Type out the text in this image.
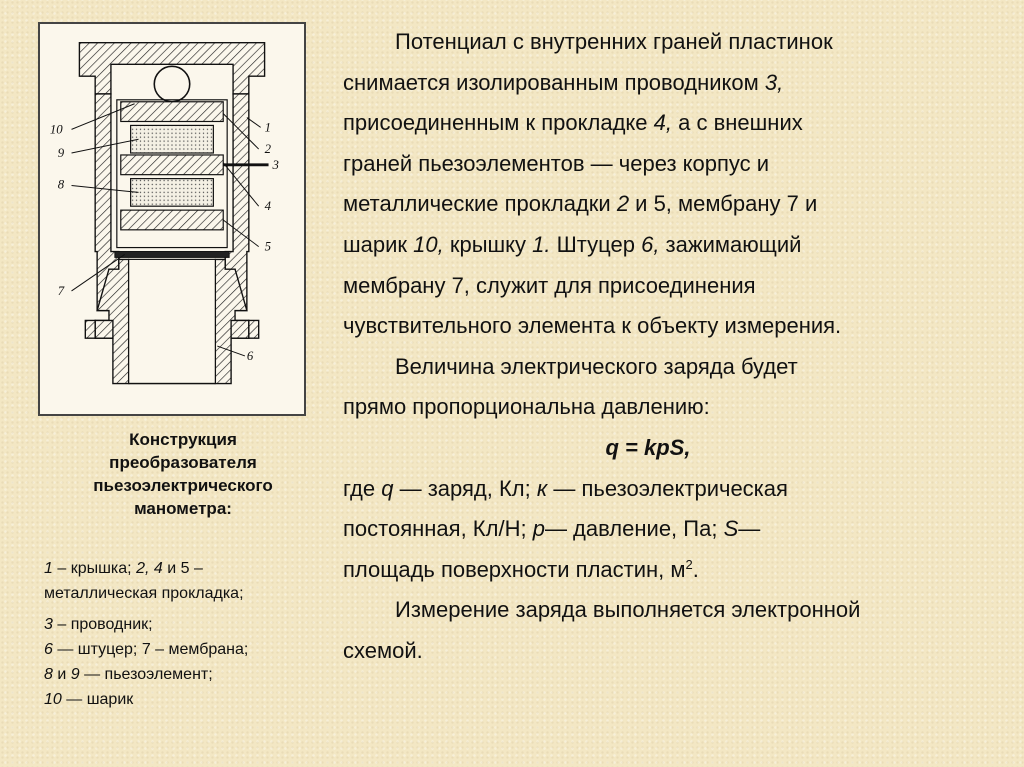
10
9
8
7
1
2
3
4
5
6
Конструкция
преобразователя
пьезоэлектрического
манометра:
1 – крышка; 2, 4 и 5 –
металлическая прокладка;
3 – проводник;
6 — штуцер; 7 – мембрана;
8 и 9 — пьезоэлемент;
10 — шарик
Потенциал с внутренних граней пластинок
снимается изолированным проводником 3,
присоединенным к прокладке 4, а с внешних
граней пьезоэлементов — через корпус и
металлические прокладки 2 и 5, мембрану 7 и
шарик 10, крышку 1. Штуцер 6, зажимающий
мембрану 7, служит для присоединения
чувствительного элемента к объекту измерения.
Величина электрического заряда будет
прямо пропорциональна давлению:
q = kpS,
где q — заряд, Кл; к — пьезоэлектрическая
постоянная, Кл/Н; р— давление, Па; S—
площадь поверхности пластин, $м^2$.
Измерение заряда выполняется электронной
схемой.
